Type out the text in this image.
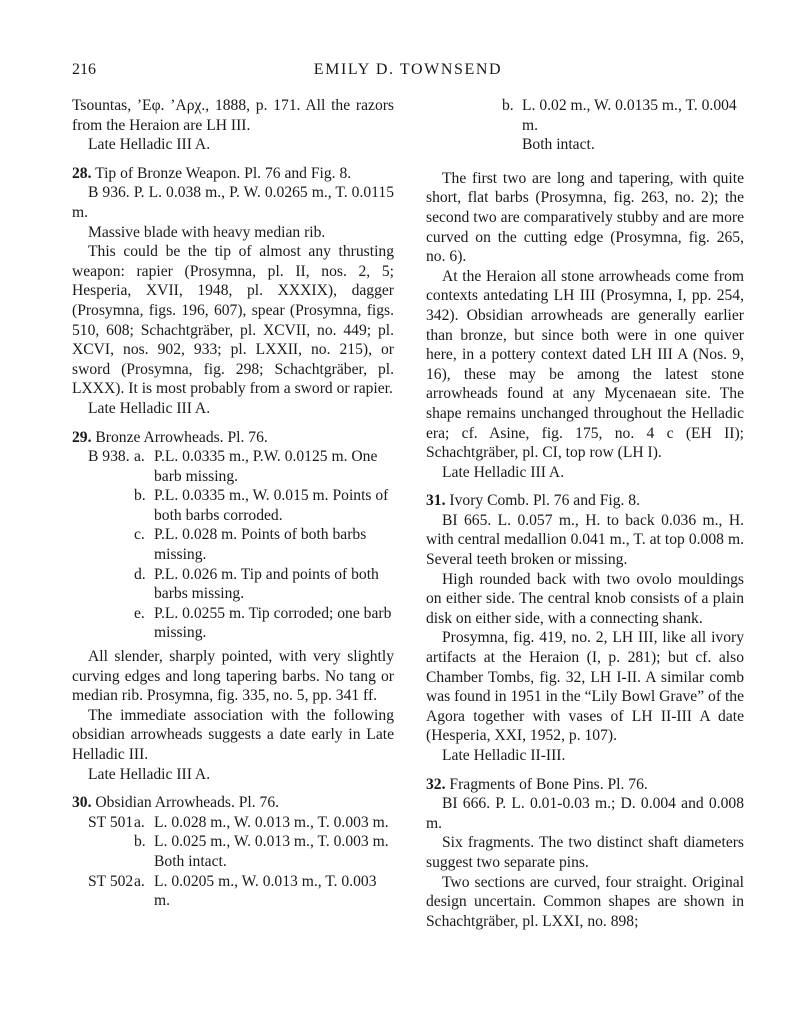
216	EMILY D. TOWNSEND

Tsountas, ʼΕφ. ʼΑρχ., 1888, p. 171. All the razors from the Heraion are LH III.

Late Helladic III A.

28. Tip of Bronze Weapon. Pl. 76 and Fig. 8.

B 936. P. L. 0.038 m., P. W. 0.0265 m., T. 0.0115 m.

Massive blade with heavy median rib.

This could be the tip of almost any thrusting weapon: rapier (Prosymna, pl. II, nos. 2, 5; Hesperia, XVII, 1948, pl. XXXIX), dagger (Prosymna, figs. 196, 607), spear (Prosymna, figs. 510, 608; Schachtgräber, pl. XCVII, no. 449; pl. XCVI, nos. 902, 933; pl. LXXII, no. 215), or sword (Prosymna, fig. 298; Schachtgräber, pl. LXXX). It is most probably from a sword or rapier.

Late Helladic III A.

29. Bronze Arrowheads. Pl. 76.

B 938. a. P.L. 0.0335 m., P.W. 0.0125 m. One barb missing.
b. P.L. 0.0335 m., W. 0.015 m. Points of both barbs corroded.
c. P.L. 0.028 m. Points of both barbs missing.
d. P.L. 0.026 m. Tip and points of both barbs missing.
e. P.L. 0.0255 m. Tip corroded; one barb missing.

All slender, sharply pointed, with very slightly curving edges and long tapering barbs. No tang or median rib. Prosymna, fig. 335, no. 5, pp. 341 ff.

The immediate association with the following obsidian arrowheads suggests a date early in Late Helladic III.

Late Helladic III A.

30. Obsidian Arrowheads. Pl. 76.

ST 501 a. L. 0.028 m., W. 0.013 m., T. 0.003 m.
b. L. 0.025 m., W. 0.013 m., T. 0.003 m.
Both intact.
ST 502 a. L. 0.0205 m., W. 0.013 m., T. 0.003 m.
b. L. 0.02 m., W. 0.0135 m., T. 0.004 m.
Both intact.

The first two are long and tapering, with quite short, flat barbs (Prosymna, fig. 263, no. 2); the second two are comparatively stubby and are more curved on the cutting edge (Prosymna, fig. 265, no. 6).

At the Heraion all stone arrowheads come from contexts antedating LH III (Prosymna, I, pp. 254, 342). Obsidian arrowheads are generally earlier than bronze, but since both were in one quiver here, in a pottery context dated LH III A (Nos. 9, 16), these may be among the latest stone arrowheads found at any Mycenaean site. The shape remains unchanged throughout the Helladic era; cf. Asine, fig. 175, no. 4 c (EH II); Schachtgräber, pl. CI, top row (LH I).

Late Helladic III A.

31. Ivory Comb. Pl. 76 and Fig. 8.

BI 665. L. 0.057 m., H. to back 0.036 m., H. with central medallion 0.041 m., T. at top 0.008 m. Several teeth broken or missing.

High rounded back with two ovolo mouldings on either side. The central knob consists of a plain disk on either side, with a connecting shank.

Prosymna, fig. 419, no. 2, LH III, like all ivory artifacts at the Heraion (I, p. 281); but cf. also Chamber Tombs, fig. 32, LH I-II. A similar comb was found in 1951 in the “Lily Bowl Grave” of the Agora together with vases of LH II-III A date (Hesperia, XXI, 1952, p. 107).

Late Helladic II-III.

32. Fragments of Bone Pins. Pl. 76.

BI 666. P. L. 0.01-0.03 m.; D. 0.004 and 0.008 m.

Six fragments. The two distinct shaft diameters suggest two separate pins.

Two sections are curved, four straight. Original design uncertain. Common shapes are shown in Schachtgräber, pl. LXXI, no. 898;
